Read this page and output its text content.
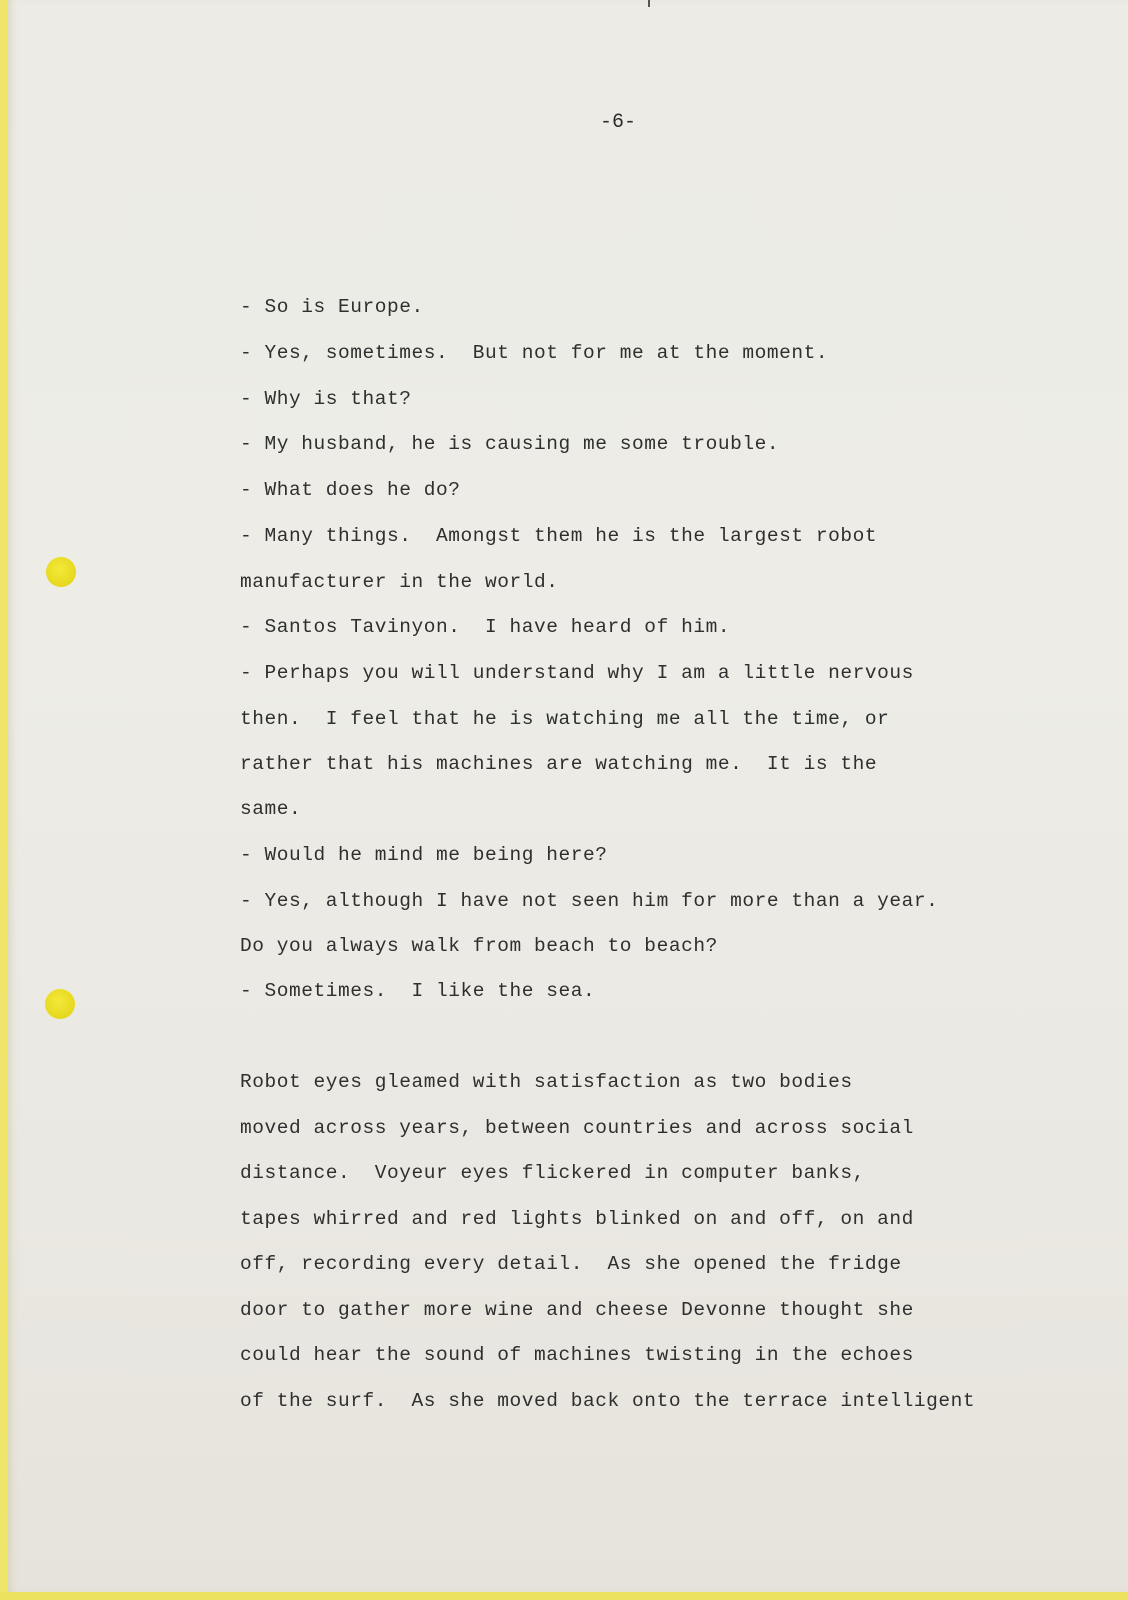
-6-
- So is Europe.
- Yes, sometimes.  But not for me at the moment.
- Why is that?
- My husband, he is causing me some trouble.
- What does he do?
- Many things.  Amongst them he is the largest robot
manufacturer in the world.
- Santos Tavinyon.  I have heard of him.
- Perhaps you will understand why I am a little nervous
then.  I feel that he is watching me all the time, or
rather that his machines are watching me.  It is the
same.
- Would he mind me being here?
- Yes, although I have not seen him for more than a year.
Do you always walk from beach to beach?
- Sometimes.  I like the sea.
Robot eyes gleamed with satisfaction as two bodies
moved across years, between countries and across social
distance.  Voyeur eyes flickered in computer banks,
tapes whirred and red lights blinked on and off, on and
off, recording every detail.  As she opened the fridge
door to gather more wine and cheese Devonne thought she
could hear the sound of machines twisting in the echoes
of the surf.  As she moved back onto the terrace intelligent
